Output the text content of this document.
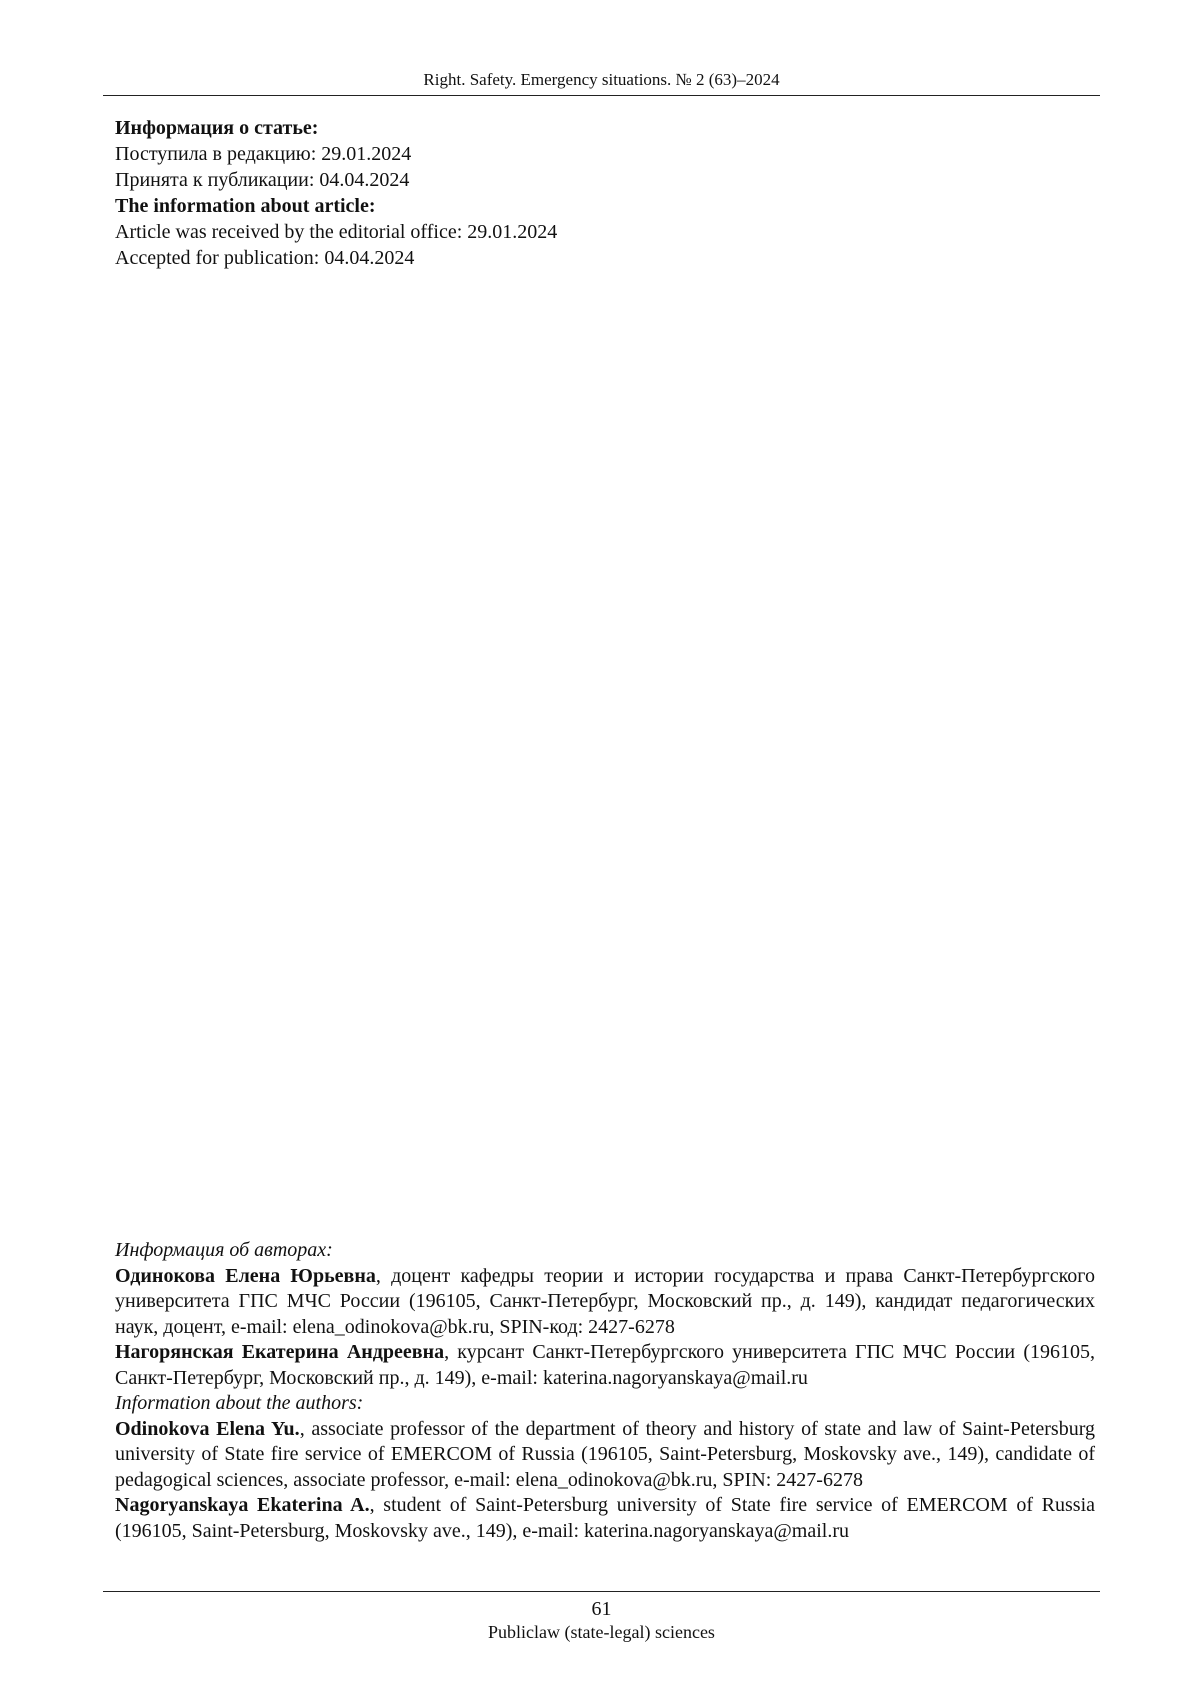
Right. Safety. Emergency situations. № 2 (63)–2024
Информация о статье:
Поступила в редакцию: 29.01.2024
Принята к публикации: 04.04.2024
The information about article:
Article was received by the editorial office: 29.01.2024
Accepted for publication: 04.04.2024
Информация об авторах:
Одинокова Елена Юрьевна, доцент кафедры теории и истории государства и права Санкт-Петербургского университета ГПС МЧС России (196105, Санкт-Петербург, Московский пр., д. 149), кандидат педагогических наук, доцент, e-mail: elena_odinokova@bk.ru, SPIN-код: 2427-6278
Нагорянская Екатерина Андреевна, курсант Санкт-Петербургского университета ГПС МЧС России (196105, Санкт-Петербург, Московский пр., д. 149), e-mail: katerina.nagoryanskaya@mail.ru
Information about the authors:
Odinokova Elena Yu., associate professor of the department of theory and history of state and law of Saint-Petersburg university of State fire service of EMERCOM of Russia (196105, Saint-Petersburg, Moskovsky ave., 149), candidate of pedagogical sciences, associate professor, e-mail: elena_odinokova@bk.ru, SPIN: 2427-6278
Nagoryanskaya Ekaterina A., student of Saint-Petersburg university of State fire service of EMERCOM of Russia (196105, Saint-Petersburg, Moskovsky ave., 149), e-mail: katerina.nagoryanskaya@mail.ru
61
Publiclaw (state-legal) sciences
